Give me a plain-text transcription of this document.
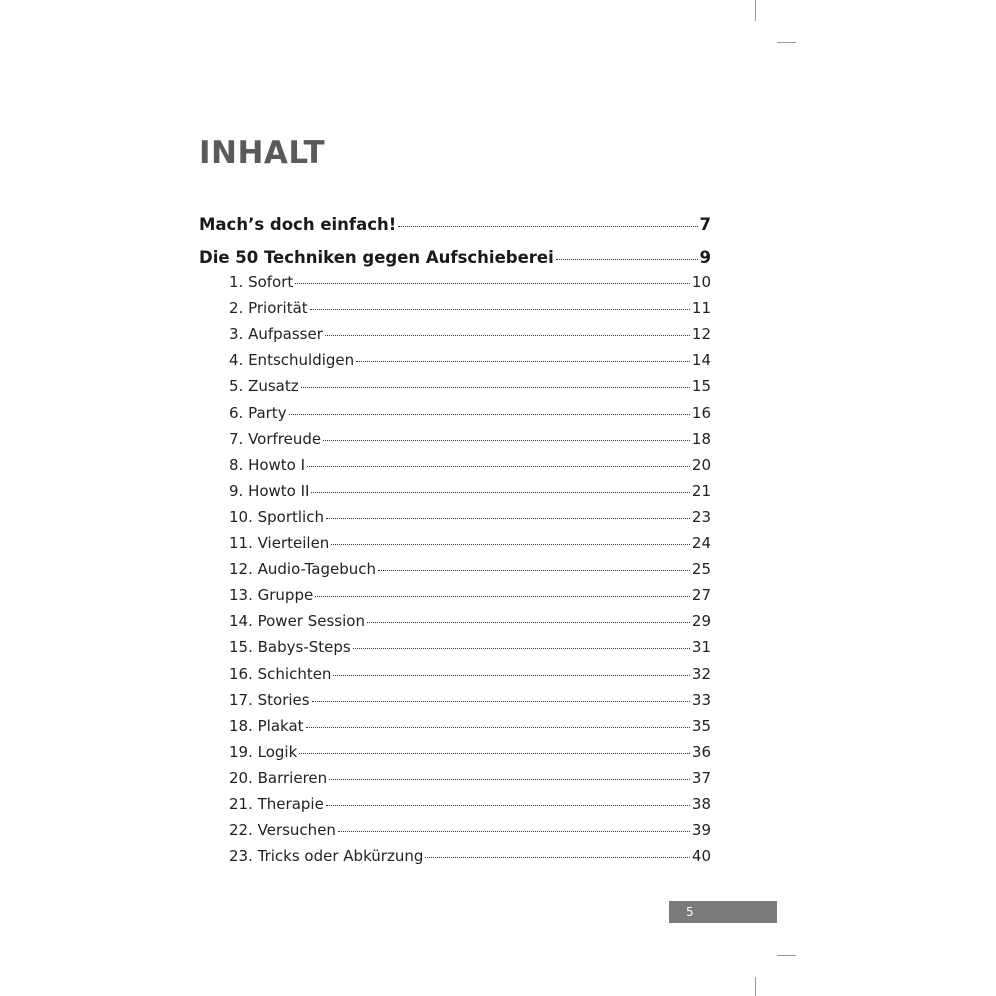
INHALT
Mach’s doch einfach!	7
Die 50 Techniken gegen Aufschieberei	9
1. Sofort	10
2. Priorität	11
3. Aufpasser	12
4. Entschuldigen	14
5. Zusatz	15
6. Party	16
7. Vorfreude	18
8. Howto I	20
9. Howto II	21
10. Sportlich	23
11. Vierteilen	24
12. Audio-Tagebuch	25
13. Gruppe	27
14. Power Session	29
15. Babys-Steps	31
16. Schichten	32
17. Stories	33
18. Plakat	35
19. Logik	36
20. Barrieren	37
21. Therapie	38
22. Versuchen	39
23. Tricks oder Abkürzung	40
5
